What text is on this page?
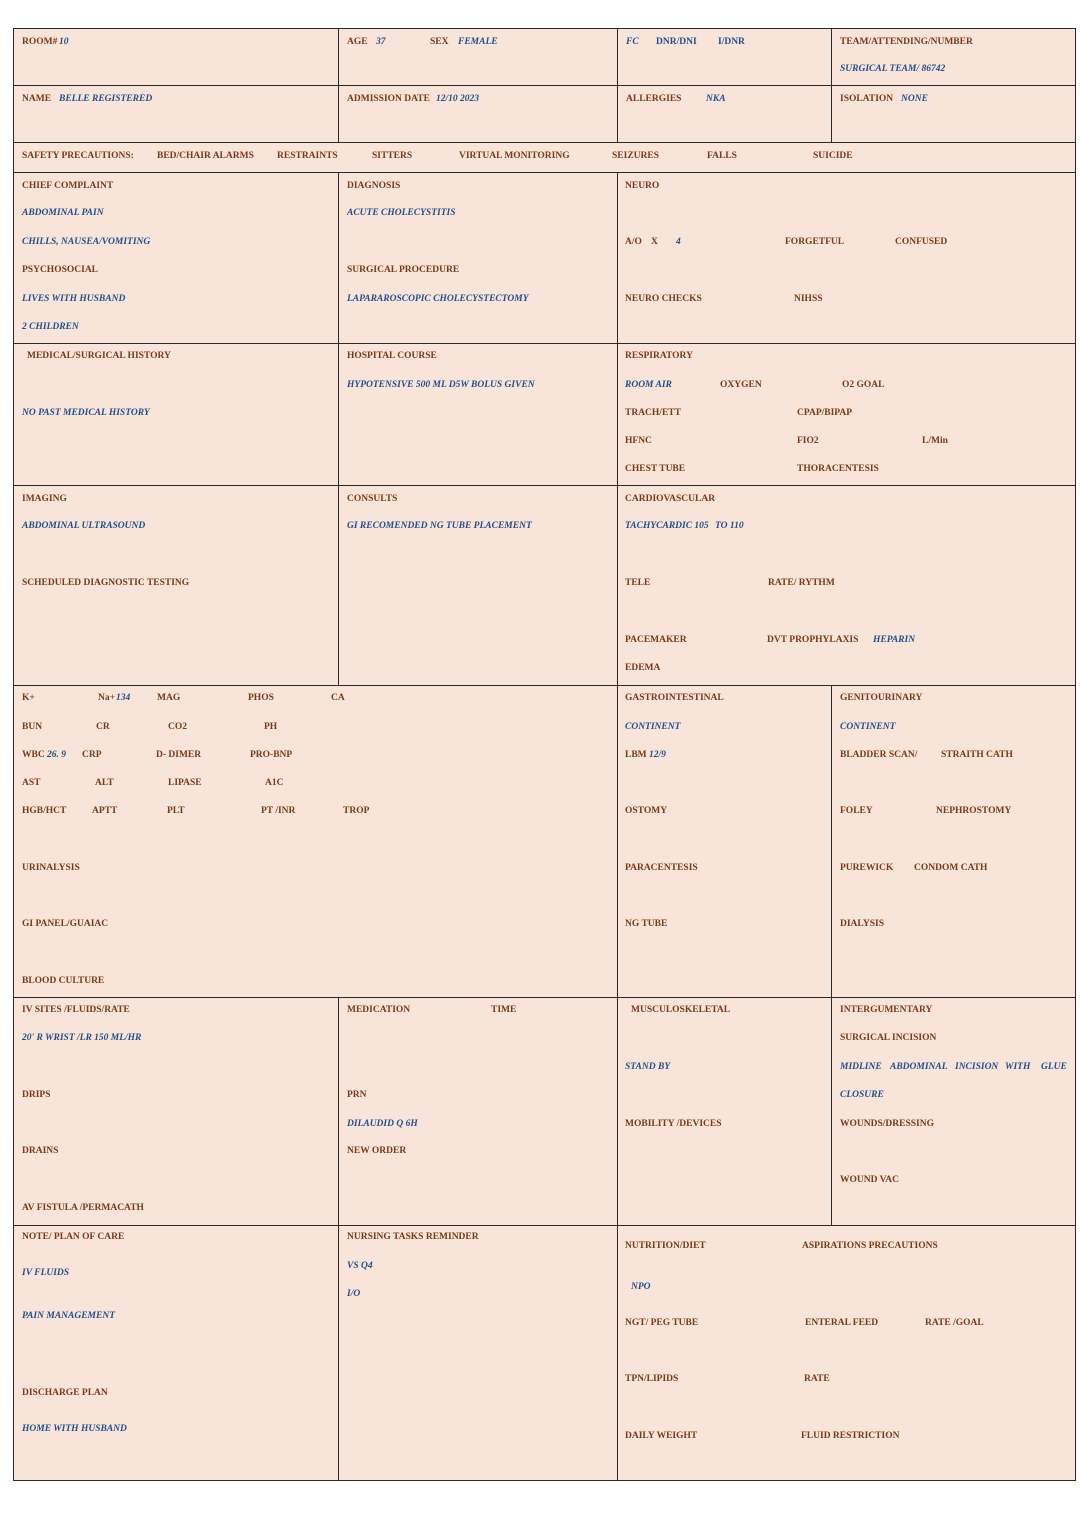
ROOM# 10	AGE 37	SEX FEMALE	FC DNR/DNI I/DNR	TEAM/ATTENDING/NUMBER
SURGICAL TEAM/ 86742
NAME BELLE REGISTERED	ADMISSION DATE 12/10 2023	ALLERGIES	NKA	ISOLATION NONE
SAFETY PRECAUTIONS: BED/CHAIR ALARMS RESTRAINTS	SITTERS	VIRTUAL MONITORING	SEIZURES	FALLS	SUICIDE
CHIEF COMPLAINT
ABDOMINAL PAIN
CHILLS, NAUSEA/VOMITING
PSYCHOSOCIAL
LIVES WITH HUSBAND
2 CHILDREN
DIAGNOSIS
ACUTE CHOLECYSTITIS
SURGICAL PROCEDURE
LAPARAROSCOPIC CHOLECYSTECTOMY
NEURO
A/O X 4	FORGETFUL	CONFUSED
NEURO CHECKS	NIHSS
MEDICAL/SURGICAL HISTORY
NO PAST MEDICAL HISTORY
HOSPITAL COURSE
HYPOTENSIVE 500 ML D5W BOLUS GIVEN
RESPIRATORY
ROOM AIR	OXYGEN	O2 GOAL
TRACH/ETT	CPAP/BIPAP
HFNC	FIO2	L/Min
CHEST TUBE	THORACENTESIS
IMAGING
ABDOMINAL ULTRASOUND
SCHEDULED DIAGNOSTIC TESTING
CONSULTS
GI RECOMENDED NG TUBE PLACEMENT
CARDIOVASCULAR
TACHYCARDIC 105 TO 110
TELE	RATE/ RYTHM
PACEMAKER	DVT PROPHYLAXIS HEPARIN
EDEMA
K+	Na+ 134	MAG	PHOS	CA
BUN	CR	CO2	PH
WBC 26. 9 CRP	D- DIMER	PRO-BNP
AST	ALT	LIPASE	A1C
HGB/HCT	APTT	PLT	PT /INR	TROP
URINALYSIS
GI PANEL/GUAIAC
BLOOD CULTURE
GASTROINTESTINAL
CONTINENT
LBM 12/9
OSTOMY
PARACENTESIS
NG TUBE
GENITOURINARY
CONTINENT
BLADDER SCAN/ STRAITH CATH
FOLEY	NEPHROSTOMY
PUREWICK CONDOM CATH
DIALYSIS
IV SITES /FLUIDS/RATE
20' R WRIST /LR 150 ML/HR
DRIPS
DRAINS
AV FISTULA /PERMACATH
MEDICATION	TIME
PRN
DILAUDID Q 6H
NEW ORDER
MUSCULOSKELETAL
STAND BY
MOBILITY /DEVICES
INTERGUMENTARY
SURGICAL INCISION
MIDLINE ABDOMINAL INCISION WITH GLUE
CLOSURE
WOUNDS/DRESSING
WOUND VAC
NOTE/ PLAN OF CARE
IV FLUIDS
PAIN MANAGEMENT
DISCHARGE PLAN
HOME WITH HUSBAND
NURSING TASKS REMINDER
VS Q4
I/O
NUTRITION/DIET	ASPIRATIONS PRECAUTIONS
NPO
NGT/ PEG TUBE	ENTERAL FEED	RATE /GOAL
TPN/LIPIDS	RATE
DAILY WEIGHT	FLUID RESTRICTION
